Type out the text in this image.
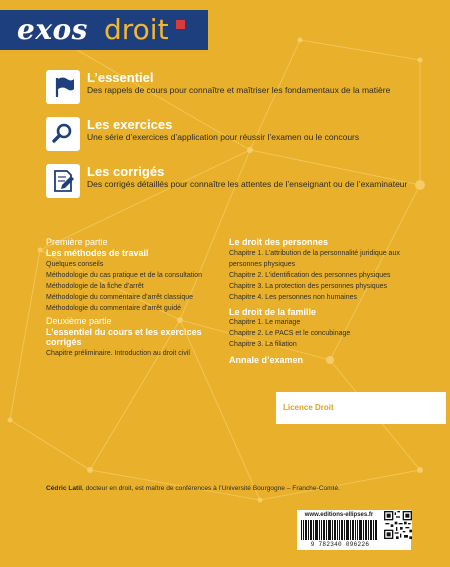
exos droit
L’essentiel
Des rappels de cours pour connaître et maîtriser les fondamentaux de la matière
Les exercices
Une série d’exercices d’application pour réussir l’examen ou le concours
Les corrigés
Des corrigés détaillés pour connaître les attentes de l’enseignant ou de l’examinateur
Première partie
Les méthodes de travail
Quelques conseils
Méthodologie du cas pratique et de la consultation
Méthodologie de la fiche d’arrêt
Méthodologie du commentaire d’arrêt classique
Méthodologie du commentaire d’arrêt guidé
Deuxième partie
L’essentiel du cours et les exercices
corrigés
Chapitre préliminaire. Introduction au droit civil
Le droit des personnes
Chapitre 1. L’attribution de la personnalité juridique aux
personnes physiques
Chapitre 2. L’identification des personnes physiques
Chapitre 3. La protection des personnes physiques
Chapitre 4. Les personnes non humaines
Le droit de la famille
Chapitre 1. Le mariage
Chapitre 2. Le PACS et le concubinage
Chapitre 3. La filiation
Annale d’examen
Licence Droit
Cédric Latil, docteur en droit, est maître de conférences à l’Université Bourgogne – Franche-Comté.
www.editions-ellipses.fr
9 782340 096226
